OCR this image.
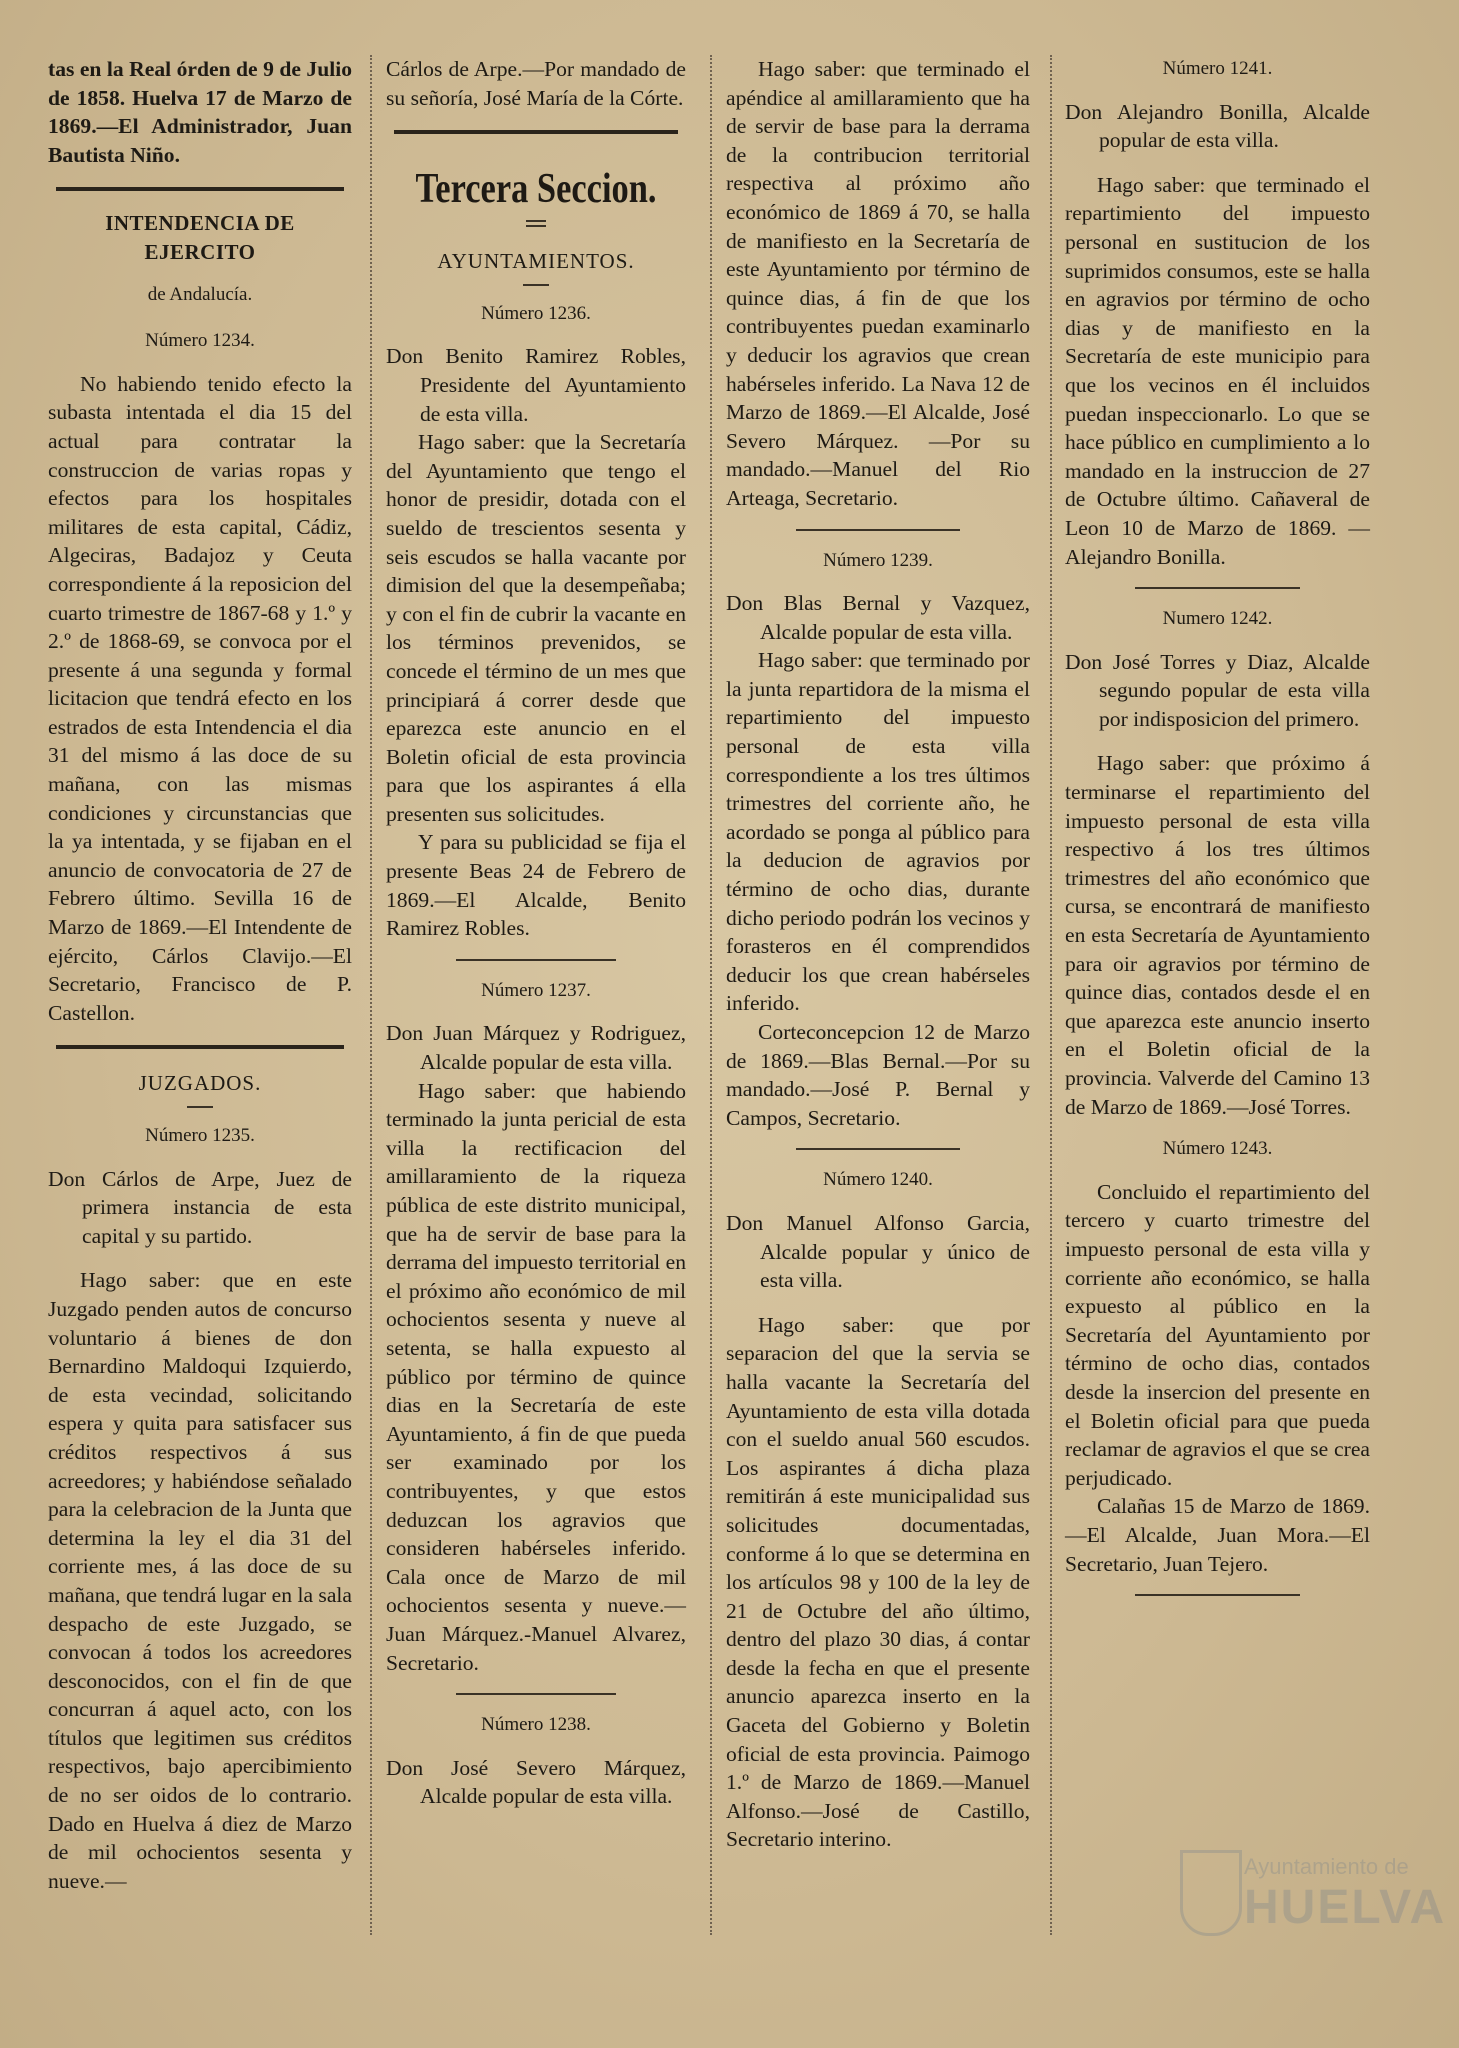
tas en la Real órden de 9 de Julio de 1858. Huelva 17 de Marzo de 1869.—El Administrador, Juan Bautista Niño.

INTENDENCIA DE EJERCITO

de Andalucía.

Número 1234.

No habiendo tenido efecto la subasta intentada el dia 15 del actual para contratar la construccion de varias ropas y efectos para los hospitales militares de esta capital, Cádiz, Algeciras, Badajoz y Ceuta correspondiente á la reposicion del cuarto trimestre de 1867-68 y 1.º y 2.º de 1868-69, se convoca por el presente á una segunda y formal licitacion que tendrá efecto en los estrados de esta Intendencia el dia 31 del mismo á las doce de su mañana, con las mismas condiciones y circunstancias que la ya intentada, y se fijaban en el anuncio de convocatoria de 27 de Febrero último. Sevilla 16 de Marzo de 1869.—El Intendente de ejército, Cárlos Clavijo.—El Secretario, Francisco de P. Castellon.

JUZGADOS.

Número 1235.

Don Cárlos de Arpe, Juez de primera instancia de esta capital y su partido.

Hago saber: que en este Juzgado penden autos de concurso voluntario á bienes de don Bernardino Maldoqui Izquierdo, de esta vecindad, solicitando espera y quita para satisfacer sus créditos respectivos á sus acreedores; y habiéndose señalado para la celebracion de la Junta que determina la ley el dia 31 del corriente mes, á las doce de su mañana, que tendrá lugar en la sala despacho de este Juzgado, se convocan á todos los acreedores desconocidos, con el fin de que concurran á aquel acto, con los títulos que legitimen sus créditos respectivos, bajo apercibimiento de no ser oidos de lo contrario. Dado en Huelva á diez de Marzo de mil ochocientos sesenta y nueve.—

Cárlos de Arpe.—Por mandado de su señoría, José María de la Córte.

Tercera Seccion.

AYUNTAMIENTOS.

Número 1236.

Don Benito Ramirez Robles, Presidente del Ayuntamiento de esta villa.

Hago saber: que la Secretaría del Ayuntamiento que tengo el honor de presidir, dotada con el sueldo de trescientos sesenta y seis escudos se halla vacante por dimision del que la desempeñaba; y con el fin de cubrir la vacante en los términos prevenidos, se concede el término de un mes que principiará á correr desde que eparezca este anuncio en el Boletin oficial de esta provincia para que los aspirantes á ella presenten sus solicitudes.

Y para su publicidad se fija el presente Beas 24 de Febrero de 1869.—El Alcalde, Benito Ramirez Robles.

Número 1237.

Don Juan Márquez y Rodriguez, Alcalde popular de esta villa.

Hago saber: que habiendo terminado la junta pericial de esta villa la rectificacion del amillaramiento de la riqueza pública de este distrito municipal, que ha de servir de base para la derrama del impuesto territorial en el próximo año económico de mil ochocientos sesenta y nueve al setenta, se halla expuesto al público por término de quince dias en la Secretaría de este Ayuntamiento, á fin de que pueda ser examinado por los contribuyentes, y que estos deduzcan los agravios que consideren habérseles inferido. Cala once de Marzo de mil ochocientos sesenta y nueve.—Juan Márquez.-Manuel Alvarez, Secretario.

Número 1238.

Don José Severo Márquez, Alcalde popular de esta villa.

Hago saber: que terminado el apéndice al amillaramiento que ha de servir de base para la derrama de la contribucion territorial respectiva al próximo año económico de 1869 á 70, se halla de manifiesto en la Secretaría de este Ayuntamiento por término de quince dias, á fin de que los contribuyentes puedan examinarlo y deducir los agravios que crean habérseles inferido. La Nava 12 de Marzo de 1869.—El Alcalde, José Severo Márquez. —Por su mandado.—Manuel del Rio Arteaga, Secretario.

Número 1239.

Don Blas Bernal y Vazquez, Alcalde popular de esta villa.

Hago saber: que terminado por la junta repartidora de la misma el repartimiento del impuesto personal de esta villa correspondiente a los tres últimos trimestres del corriente año, he acordado se ponga al público para la deducion de agravios por término de ocho dias, durante dicho periodo podrán los vecinos y forasteros en él comprendidos deducir los que crean habérseles inferido.

Corteconcepcion 12 de Marzo de 1869.—Blas Bernal.—Por su mandado.—José P. Bernal y Campos, Secretario.

Número 1240.

Don Manuel Alfonso Garcia, Alcalde popular y único de esta villa.

Hago saber: que por separacion del que la servia se halla vacante la Secretaría del Ayuntamiento de esta villa dotada con el sueldo anual 560 escudos. Los aspirantes á dicha plaza remitirán á este municipalidad sus solicitudes documentadas, conforme á lo que se determina en los artículos 98 y 100 de la ley de 21 de Octubre del año último, dentro del plazo 30 dias, á contar desde la fecha en que el presente anuncio aparezca inserto en la Gaceta del Gobierno y Boletin oficial de esta provincia. Paimogo 1.º de Marzo de 1869.—Manuel Alfonso.—José de Castillo, Secretario interino.

Número 1241.

Don Alejandro Bonilla, Alcalde popular de esta villa.

Hago saber: que terminado el repartimiento del impuesto personal en sustitucion de los suprimidos consumos, este se halla en agravios por término de ocho dias y de manifiesto en la Secretaría de este municipio para que los vecinos en él incluidos puedan inspeccionarlo. Lo que se hace público en cumplimiento a lo mandado en la instruccion de 27 de Octubre último. Cañaveral de Leon 10 de Marzo de 1869. —Alejandro Bonilla.

Numero 1242.

Don José Torres y Diaz, Alcalde segundo popular de esta villa por indisposicion del primero.

Hago saber: que próximo á terminarse el repartimiento del impuesto personal de esta villa respectivo á los tres últimos trimestres del año económico que cursa, se encontrará de manifiesto en esta Secretaría de Ayuntamiento para oir agravios por término de quince dias, contados desde el en que aparezca este anuncio inserto en el Boletin oficial de la provincia. Valverde del Camino 13 de Marzo de 1869.—José Torres.

Número 1243.

Concluido el repartimiento del tercero y cuarto trimestre del impuesto personal de esta villa y corriente año económico, se halla expuesto al público en la Secretaría del Ayuntamiento por término de ocho dias, contados desde la insercion del presente en el Boletin oficial para que pueda reclamar de agravios el que se crea perjudicado.

Calañas 15 de Marzo de 1869.—El Alcalde, Juan Mora.—El Secretario, Juan Tejero.

Ayuntamiento de
HUELVA
